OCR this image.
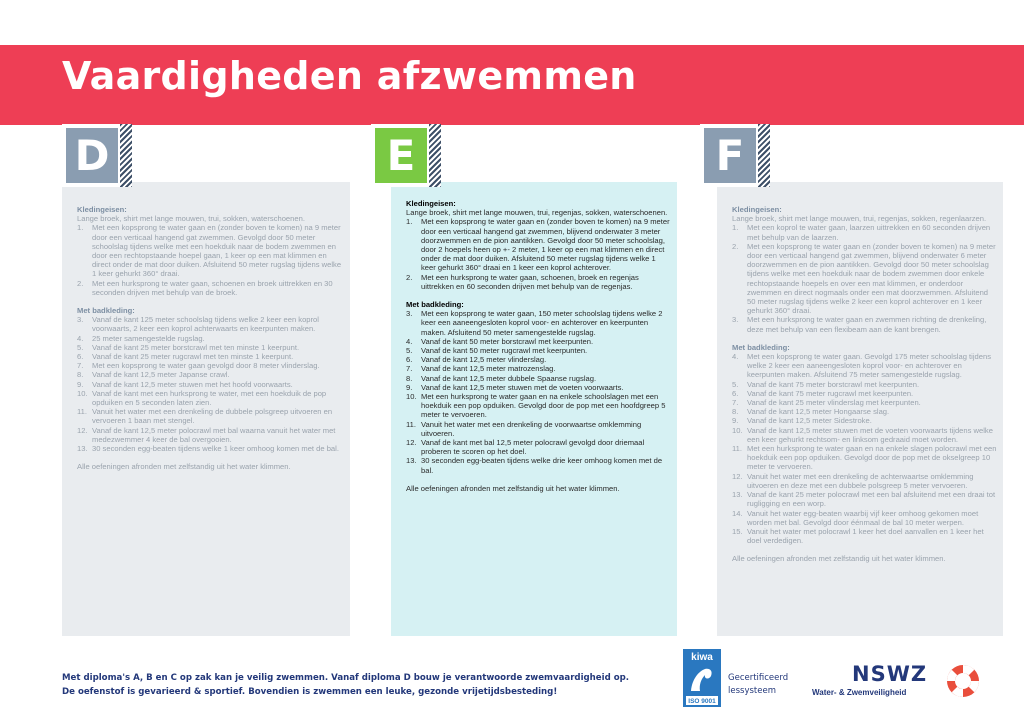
Vaardigheden afzwemmen
D	E	F
Kledingeisen:
Lange broek, shirt met lange mouwen, trui, sokken, waterschoenen.
1.	Met een kopsprong te water gaan en (zonder boven te komen) na 9 meter door een verticaal hangend gat zwemmen. Gevolgd door 50 meter schoolslag tijdens welke met een hoekduik naar de bodem zwemmen en door een rechtopstaande hoepel gaan, 1 keer op een mat klimmen en direct onder de mat door duiken. Afsluitend 50 meter rugslag tijdens welke 1 keer gehurkt 360° draai.
2.	Met een hurksprong te water gaan, schoenen en broek uittrekken en 30 seconden drijven met behulp van de broek.
Met badkleding:
3.	Vanaf de kant 125 meter schoolslag tijdens welke 2 keer een koprol voorwaarts, 2 keer een koprol achterwaarts en keerpunten maken.
4.	25 meter samengestelde rugslag.
5.	Vanaf de kant 25 meter borstcrawl met ten minste 1 keerpunt.
6.	Vanaf de kant 25 meter rugcrawl met ten minste 1 keerpunt.
7.	Met een kopsprong te water gaan gevolgd door 8 meter vlinderslag.
8.	Vanaf de kant 12,5 meter Japanse crawl.
9.	Vanaf de kant 12,5 meter stuwen met het hoofd voorwaarts.
10. Vanaf de kant met een hurksprong te water, met een hoekduik de pop opduiken en 5 seconden laten zien.
11. Vanuit het water met een drenkeling de dubbele polsgreep uitvoeren en vervoeren 1 baan met stengel.
12. Vanaf de kant 12,5 meter polocrawl met bal waarna vanuit het water met medezwemmer 4 keer de bal overgooien.
13. 30 seconden egg-beaten tijdens welke 1 keer omhoog komen met de bal.
Alle oefeningen afronden met zelfstandig uit het water klimmen.
Kledingeisen:
Lange broek, shirt met lange mouwen, trui, regenjas, sokken, waterschoenen.
1.	Met een kopsprong te water gaan en (zonder boven te komen) na 9 meter door een verticaal hangend gat zwemmen, blijvend onderwater 3 meter doorzwemmen en de pion aantikken. Gevolgd door 50 meter schoolslag, door 2 hoepels heen op +- 2 meter, 1 keer op een mat klimmen en direct onder de mat door duiken. Afsluitend 50 meter rugslag tijdens welke 1 keer gehurkt 360° draai en 1 keer een koprol achterover.
2.	Met een hurksprong te water gaan, schoenen, broek en regenjas uittrekken en 60 seconden drijven met behulp van de regenjas.
Met badkleding:
3.	Met een kopsprong te water gaan, 150 meter schoolslag tijdens welke 2 keer een aaneengesloten koprol voor- en achterover en keerpunten maken. Afsluitend 50 meter samengestelde rugslag.
4.	Vanaf de kant 50 meter borstcrawl met keerpunten.
5.	Vanaf de kant 50 meter rugcrawl met keerpunten.
6.	Vanaf de kant 12,5 meter vlinderslag.
7.	Vanaf de kant 12,5 meter matrozenslag.
8.	Vanaf de kant 12,5 meter dubbele Spaanse rugslag.
9.	Vanaf de kant 12,5 meter stuwen met de voeten voorwaarts.
10. Met een hurksprong te water gaan en na enkele schoolslagen met een hoekduik een pop opduiken. Gevolgd door de pop met een hoofdgreep 5 meter te vervoeren.
11. Vanuit het water met een drenkeling de voorwaartse omklemming uitvoeren.
12. Vanaf de kant met bal 12,5 meter polocrawl gevolgd door driemaal proberen te scoren op het doel.
13. 30 seconden egg-beaten tijdens welke drie keer omhoog komen met de bal.
Alle oefeningen afronden met zelfstandig uit het water klimmen.
Kledingeisen:
Lange broek, shirt met lange mouwen, trui, regenjas, sokken, regenlaarzen.
1.	Met een koprol te water gaan, laarzen uittrekken en 60 seconden drijven met behulp van de laarzen.
2.	Met een kopsprong te water gaan en (zonder boven te komen) na 9 meter door een verticaal hangend gat zwemmen, blijvend onderwater 6 meter doorzwemmen en de pion aantikken. Gevolgd door 50 meter schoolslag tijdens welke met een hoekduik naar de bodem zwemmen door enkele rechtopstaande hoepels en over een mat klimmen, er onderdoor zwemmen en direct nogmaals onder een mat doorzwemmen. Afsluitend 50 meter rugslag tijdens welke 2 keer een koprol achterover en 1 keer gehurkt 360° draai.
3.	Met een hurksprong te water gaan en zwemmen richting de drenkeling, deze met behulp van een flexibeam aan de kant brengen.
Met badkleding:
4.	Met een kopsprong te water gaan. Gevolgd 175 meter schoolslag tijdens welke 2 keer een aaneengesloten koprol voor- en achterover en keerpunten maken. Afsluitend 75 meter samengestelde rugslag.
5.	Vanaf de kant 75 meter borstcrawl met keerpunten.
6.	Vanaf de kant 75 meter rugcrawl met keerpunten.
7.	Vanaf de kant 25 meter vlinderslag met keerpunten.
8.	Vanaf de kant 12,5 meter Hongaarse slag.
9.	Vanaf de kant 12,5 meter Sidestroke.
10. Vanaf de kant 12,5 meter stuwen met de voeten voorwaarts tijdens welke een keer gehurkt rechtsom- en linksom gedraaid moet worden.
11. Met een hurksprong te water gaan en na enkele slagen polocrawl met een hoekduik een pop opduiken. Gevolgd door de pop met de okselgreep 10 meter te vervoeren.
12. Vanuit het water met een drenkeling de achterwaartse omklemming uitvoeren en deze met een dubbele polsgreep 5 meter vervoeren.
13. Vanaf de kant 25 meter polocrawl met een bal afsluitend met een draai tot rugligging en een worp.
14. Vanuit het water egg-beaten waarbij vijf keer omhoog gekomen moet worden met bal. Gevolgd door éénmaal de bal 10 meter werpen.
15. Vanuit het water met polocrawl 1 keer het doel aanvallen en 1 keer het doel verdedigen.
Alle oefeningen afronden met zelfstandig uit het water klimmen.
Met diploma's A, B en C op zak kan je veilig zwemmen. Vanaf diploma D bouw je verantwoorde zwemvaardigheid op.
De oefenstof is gevarieerd & sportief. Bovendien is zwemmen een leuke, gezonde vrijetijdsbesteding!
kiwa
ISO 9001
Gecertificeerd
lessysteem
NSWZ
Water- & Zwemveiligheid
